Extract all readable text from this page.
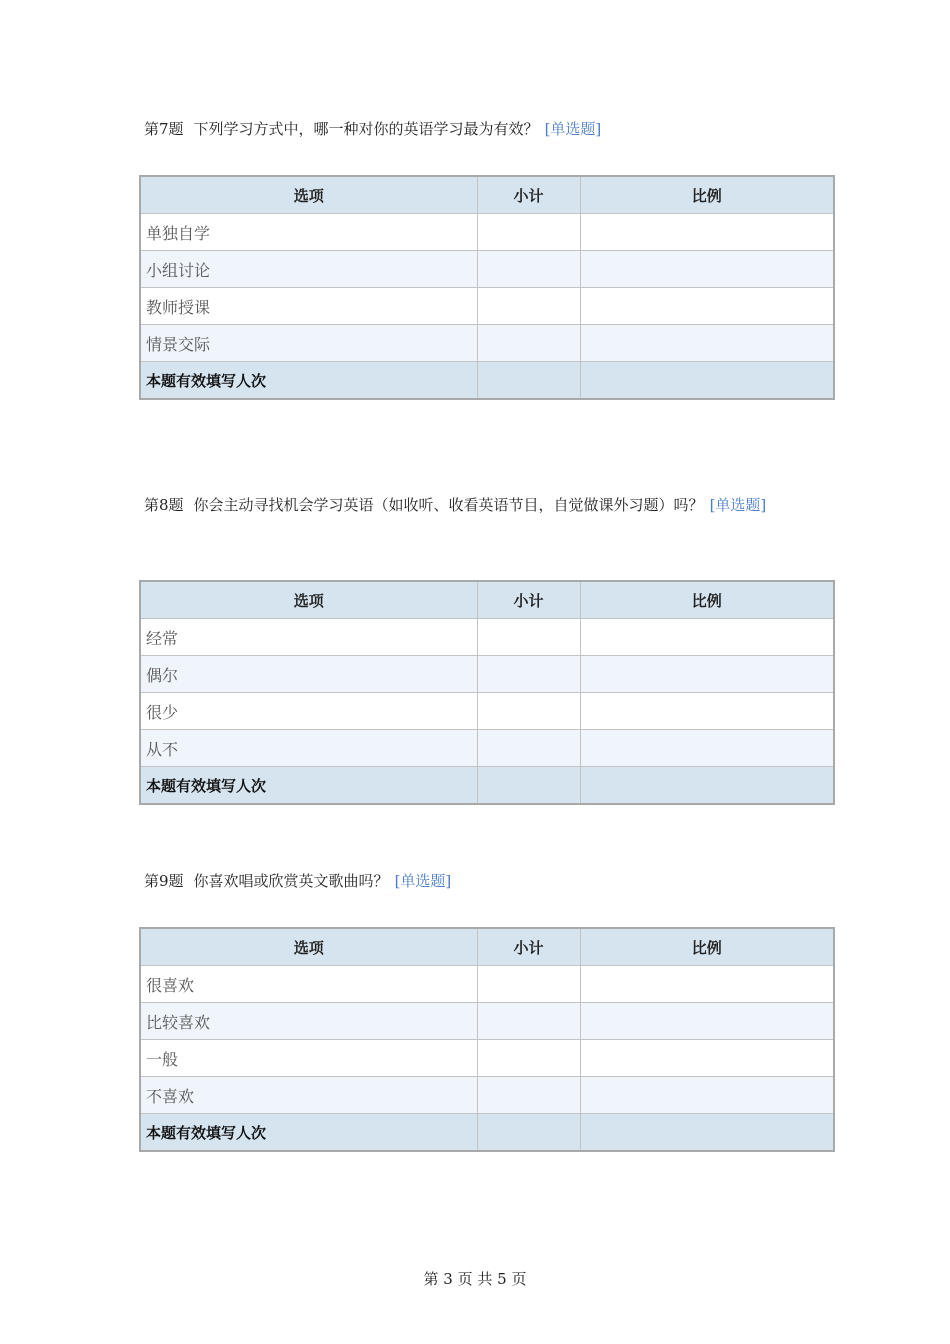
第7题 下列学习方式中，哪一种对你的英语学习最为有效？ [单选题]
选项	小计	比例
单独自学		
小组讨论		
教师授课		
情景交际		
本题有效填写人次		
第8题 你会主动寻找机会学习英语（如收听、收看英语节目，自觉做课外习题）吗？ [单选题]
选项	小计	比例
经常		
偶尔		
很少		
从不		
本题有效填写人次		
第9题 你喜欢唱或欣赏英文歌曲吗？ [单选题]
选项	小计	比例
很喜欢		
比较喜欢		
一般		
不喜欢		
本题有效填写人次		
第 3 页 共 5 页
